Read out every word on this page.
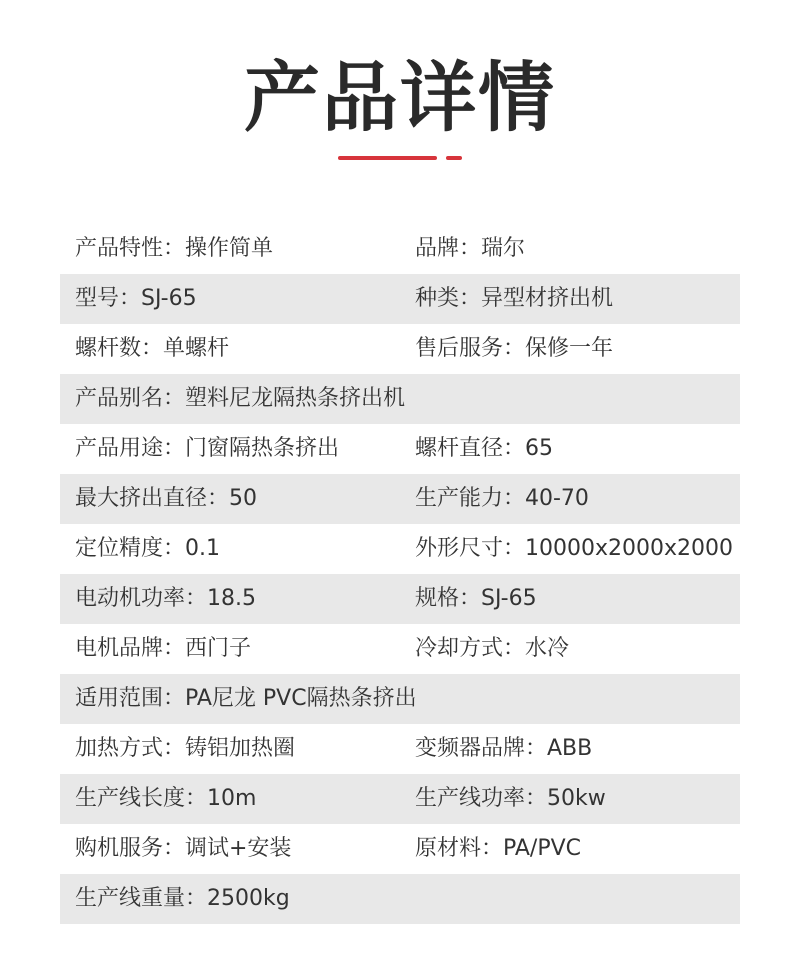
产品详情
产品特性：操作简单	品牌：瑞尔
型号：SJ-65	种类：异型材挤出机
螺杆数：单螺杆	售后服务：保修一年
产品别名：塑料尼龙隔热条挤出机
产品用途：门窗隔热条挤出	螺杆直径：65
最大挤出直径：50	生产能力：40-70
定位精度：0.1	外形尺寸：10000x2000x2000
电动机功率：18.5	规格：SJ-65
电机品牌：西门子	冷却方式：水冷
适用范围：PA尼龙 PVC隔热条挤出
加热方式：铸铝加热圈	变频器品牌：ABB
生产线长度：10m	生产线功率：50kw
购机服务：调试+安装	原材料：PA/PVC
生产线重量：2500kg
